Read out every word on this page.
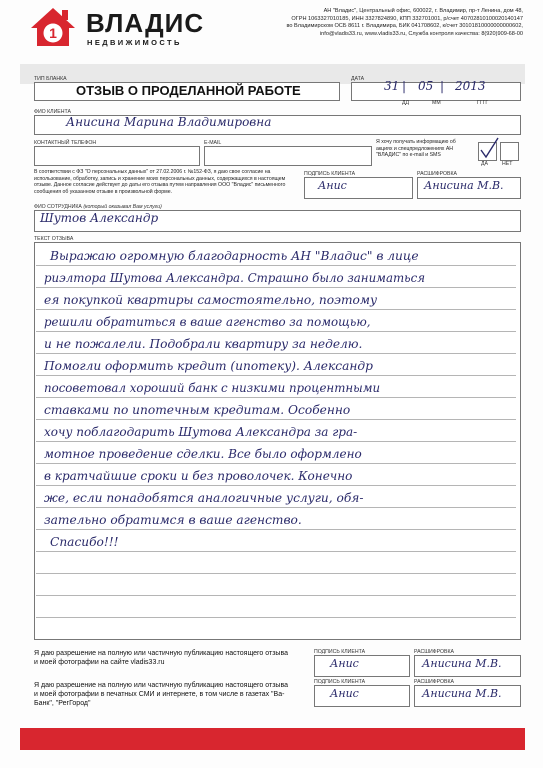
1 ВЛАДИС
НЕДВИЖИМОСТЬ
АН "Владис", Центральный офис, 600022, г. Владимир, пр-т Ленина, дом 48,
ОГРН 1063327010185, ИНН 3327824890, КПП 332701001, р/счет 40702810100020140147
во Владимирском ОСБ 8611 г. Владимира, БИК 041708602, к/счет 30101810000000000602,
info@vladis33.ru, www.vladis33.ru, Служба контроля качества: 8(920)909-68-00
ТИП БЛАНКА
ОТЗЫВ О ПРОДЕЛАННОЙ РАБОТЕ
ДАТА 31 | 05 | 2013
ДД	ММ	ГГГГ
ФИО КЛИЕНТА
Анисина Марина Владимировна
КОНТАКТНЫЙ ТЕЛЕФОН	E-MAIL	Я хочу получать информацию об акциях и спецпредложениях АН "ВЛАДИС" по e-mail и SMS
ДА	НЕТ
В соответствии с ФЗ "О персональных данных" от 27.02.2006 г. №152-ФЗ, я даю свое согласие на использование, обработку, запись и хранение моих персональных данных, содержащихся в настоящем отзыве. Данное согласие действует до даты его отзыва путем направления ООО "Владис" письменного сообщения об указанном отзыве в произвольной форме.
ПОДПИСЬ КЛИЕНТА
Анис
РАСШИФРОВКА
Анисина М.В.
ФИО СОТРУДНИКА (который оказывал Вам услуги)
Шутов Александр
ТЕКСТ ОТЗЫВА
Выражаю огромную благодарность АН "Владис" в лице
риэлтора Шутова Александра. Страшно было заниматься
ея покупкой квартиры самостоятельно, поэтому
решили обратиться в ваше агенство за помощью,
и не пожалели. Подобрали квартиру за неделю.
Помогли оформить кредит (ипотеку). Александр
посоветовал хороший банк с низкими процентными
ставками по ипотечным кредитам. Особенно
хочу поблагодарить Шутова Александра за гра-
мотное проведение сделки. Все было оформлено
в кратчайшие сроки и без проволочек. Конечно
же, если понадобятся аналогичные услуги, обя-
зательно обратимся в ваше агенство.
Спасибо!!!
Я даю разрешение на полную или частичную публикацию настоящего отзыва и моей фотографии на сайте vladis33.ru
ПОДПИСЬ КЛИЕНТА
Анис
РАСШИФРОВКА
Анисина М.В.
Я даю разрешение на полную или частичную публикацию настоящего отзыва и моей фотографии в печатных СМИ и интернете, в том числе в газетах "Ва-Банк", "РегГород"
ПОДПИСЬ КЛИЕНТА
Анис
РАСШИФРОВКА
Анисина М.В.
